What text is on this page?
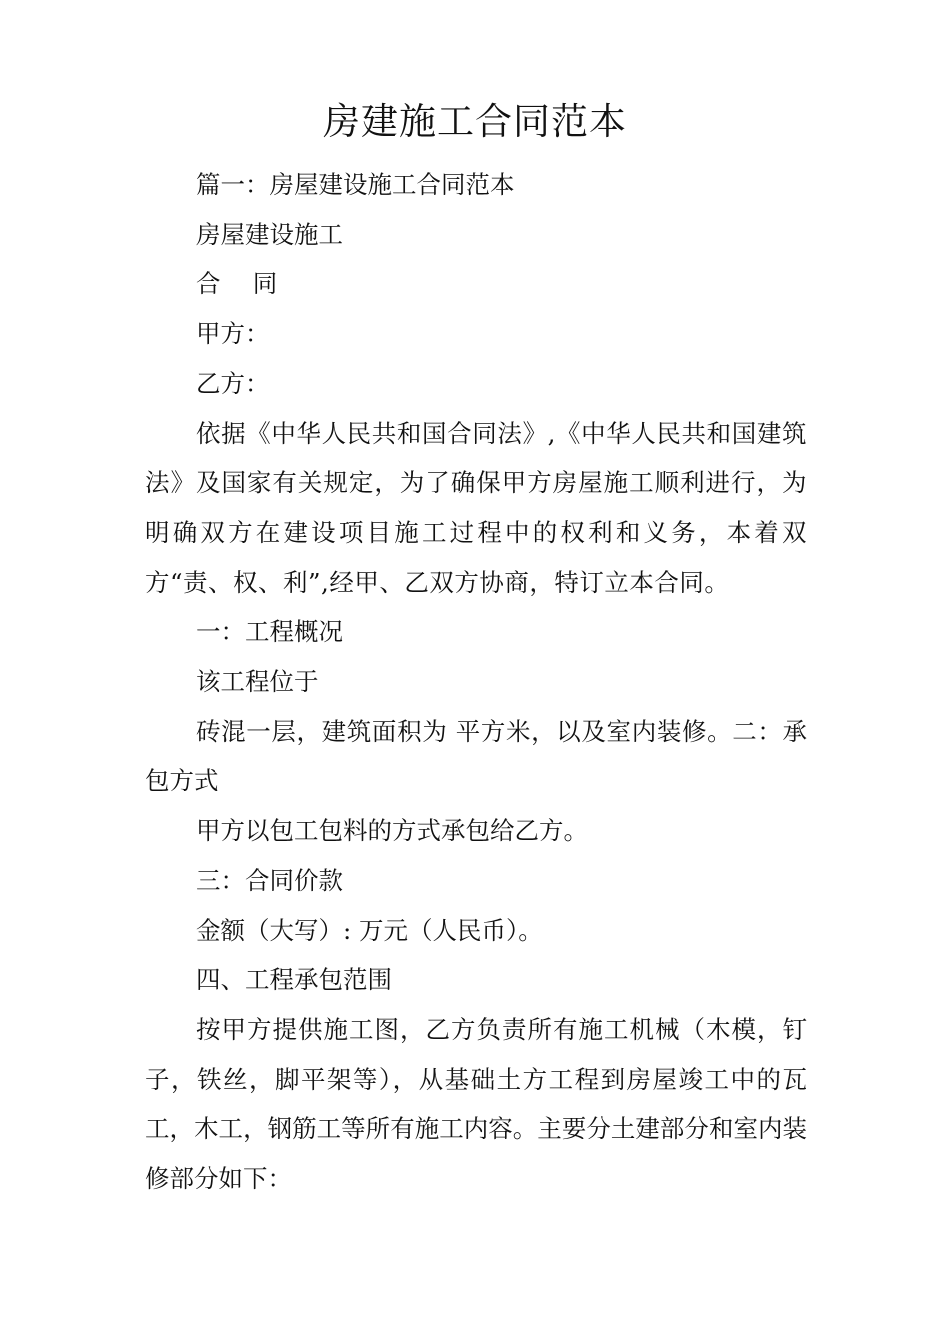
房建施工合同范本

篇一：房屋建设施工合同范本

房屋建设施工

合　 同

甲方：

乙方：

依据《中华人民共和国合同法》,《中华人民共和国建筑法》及国家有关规定，为了确保甲方房屋施工顺利进行，为明确双方在建设项目施工过程中的权利和义务，本着双方“责、权、利”,经甲、乙双方协商，特订立本合同。

一：工程概况

该工程位于

砖混一层，建筑面积为 平方米，以及室内装修。二：承包方式

甲方以包工包料的方式承包给乙方。

三：合同价款

金额（大写）: 万元（人民币）。

四、工程承包范围

按甲方提供施工图，乙方负责所有施工机械（木模，钉子，铁丝，脚平架等），从基础土方工程到房屋竣工中的瓦工，木工，钢筋工等所有施工内容。主要分土建部分和室内装修部分如下：
